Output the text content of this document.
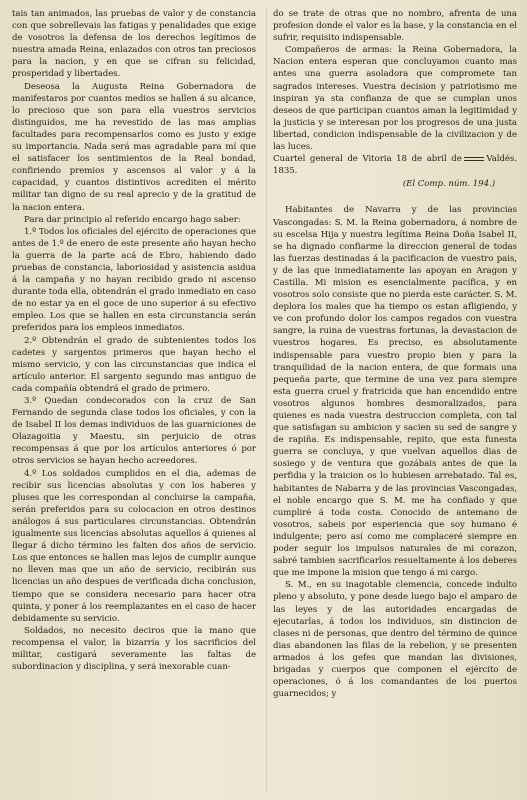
tais tan animados, las pruebas de valor y de constancia con que sobrellevais las fatigas y penalidades que exige de vosotros la defensa de los derechos legítimos de nuestra amada Reina, enlazados con otros tan preciosos para la nacion, y en que se cifran su felicidad, prosperidad y libertades.

Deseosa la Augusta Reina Gobernadora de manifestaros por cuantos medios se hallen á su alcance, lo precioso que son para ella vuestros servicios distinguidos, me ha revestido de las mas amplias facultades para recompensarlos como es justo y exige su importancia. Nada será mas agradable para mí que el satisfacer los sentimientos de la Real bondad, confiriendo premios y ascensos al valor y á la capacidad, y cuantos distintivos acrediten el mérito militar tan digno de su real aprecio y de la gratitud de la nacion entera.

Para dar principio al referido encargo hago saber:

1.º Todos los oficiales del ejército de operaciones que antes de 1.º de enero de este presente año hayan hecho la guerra de la parte acá de Ebro, habiendo dado pruebas de constancia, laboriosidad y asistencia asidua á la campaña y no hayan recibido grado ni ascenso durante toda ella, obtendrán el grado inmediato en caso de no estar ya en el goce de uno superior á su efectivo empleo. Los que se hallen en esta circunstancia serán preferidos para los empleos inmediatos.

2.º Obtendrán el grado de subtenientes todos los cadetes y sargentos primeros que hayan hecho el mismo servicio, y con las circunstancias que indica el artículo anterior. El sargento segundo mas antiguo de cada compañía obtendrá el grado de primero.

3.º Quedan condecorados con la cruz de San Fernando de segunda clase todos los oficiales, y con la de Isabel II los demas individuos de las guarniciones de Olazagoitia y Maestu, sin perjuicio de otras recompensas á que por los artículos anteriores ó por otros servicios se hayan hecho acreedores.

4.º Los soldados cumplidos en el dia, ademas de recibir sus licencias absolutas y con los haberes y pluses que les correspondan al concluirse la campaña, serán preferidos para su colocacion en otros destinos análogos á sus particulares circunstancias. Obtendrán igualmente sus licencias absolutas aquellos á quienes al llegar á dicho término les falten dos años de servicio. Los que entonces se hallen mas lejos de cumplir aunque no lleven mas que un año de servicio, recibirán sus licencias un año despues de verificada dicha conclusion, tiempo que se considera necesario para hacer otra quinta, y poner á los reemplazantes en el caso de hacer debidamente su servicio.

Soldados, no necesito deciros que la mano que recompensa el valor, la bizarría y los sacrificios del militar, castigará severamente las faltas de subordinacion y disciplina, y será inexorable cuan-

do se trate de otras que no nombro, afrenta de una profesion donde el valor es la base, y la constancia en el sufrir, requisito indispensable.

Compañeros de armas: la Reina Gobernadora, la Nacion entera esperan que concluyamos cuanto mas antes una guerra asoladora que compromete tan sagrados intereses. Vuestra decision y patriotismo me inspiran ya sta confianza de que se cumplan unos deseos de que participan cuantos aman la legitimidad y la justicia y se interesan por los progresos de una justa libertad, condicion indispensable de la civilizacion y de las luces.

Cuartel general de Vitoria 18 de abril de 1835.
Valdés.
(El Comp. núm. 194.)

Habitantes de Navarra y de las provincias Vascongadas: S. M. la Reina gobernadora, á nombre de su escelsa Hija y nuestra legítima Reina Doña Isabel II, se ha dignado confiarme la direccion general de todas las fuerzas destinadas á la pacificacion de vuestro pais, y de las que inmediatamente las apoyan en Aragon y Castilla. Mi mision es esencialmente pacífica, y en vosotros solo consiste que no pierda este carácter. S. M. deplora los males que ha tiempo os estan afligiendo, y ve con profundo dolor los campos regados con vuestra sangre, la ruina de vuestras fortunas, la devastacion de vuestros hogares. Es preciso, es absolutamente indispensable para vuestro propio bien y para la tranquilidad de la nacion entera, de que formais una pequeña parte, que termine de una vez para siempre esta guerra cruel y fratricida que han encendido entre vosotros algunos hombres desmoralizados, para quienes es nada vuestra destruccion completa, con tal que satisfagan su ambicion y sacien su sed de sangre y de rapiña. Es indispensable, repito, que esta funesta guerra se concluya, y que vuelvan aquellos dias de sosiego y de ventura que gozábais antes de que la perfidia y la traicion os lo hubiesen arrebatado. Tal es, habitantes de Nabarra y de las provincias Vascongadas, el noble encargo que S. M. me ha confiado y que cumpliré á toda costa. Conocido de antemano de vosotros, sabeis por esperiencia que soy humano é indulgente; pero así como me complaceré siempre en poder seguir los impulsos naturales de mi corazon, sabré tambien sacrificarlos resueltamente á los deberes que me impone la mision que tengo á mi cargo.

S. M., en su inagotable clemencia, concede indulto pleno y absoluto, y pone desde luego bajo el amparo de las leyes y de las autoridades encargadas de ejecutarlas, á todos los individuos, sin distincion de clases ni de personas, que dentro del término de quince dias abandonen las filas de la rebelion, y se presenten armados á los gefes que mandan las divisiones, brigadas y cuerpos que componen el ejército de operaciones, ó á los comandantes de los puertos guarnecidos; y
